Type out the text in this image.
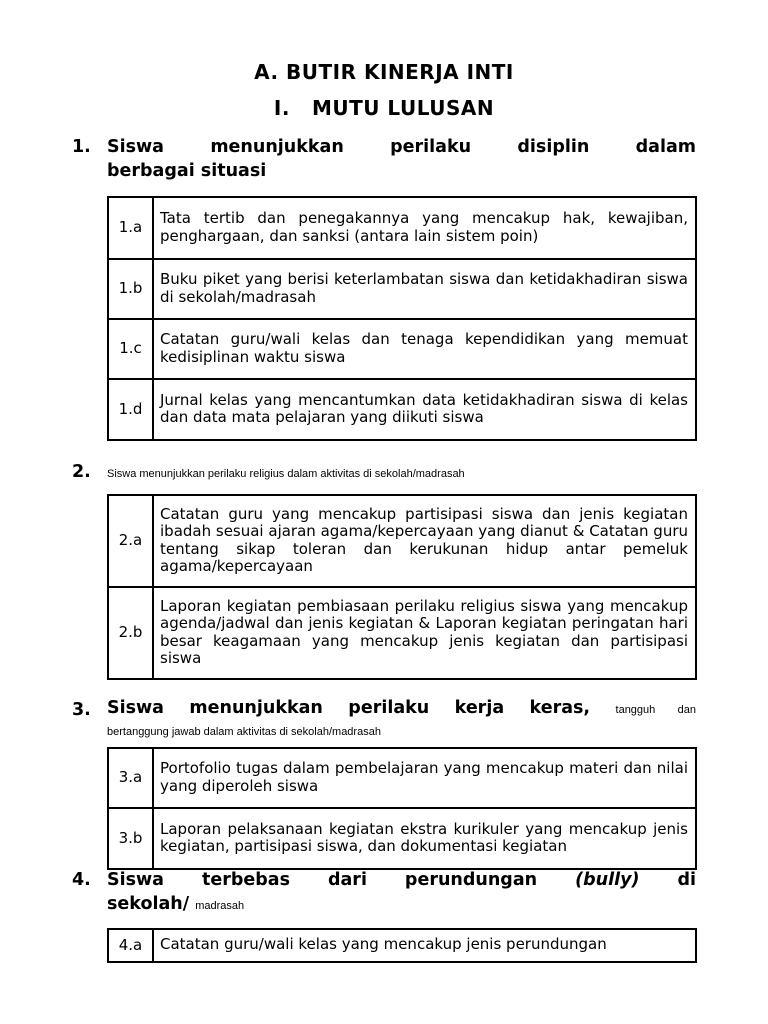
A. BUTIR KINERJA INTI
I. MUTU LULUSAN
1. Siswa menunjukkan perilaku disiplin dalam
berbagai situasi
1.a	Tata tertib dan penegakannya yang mencakup hak, kewajiban, penghargaan, dan sanksi (antara lain sistem poin)
1.b	Buku piket yang berisi keterlambatan siswa dan ketidakhadiran siswa di sekolah/madrasah
1.c	Catatan guru/wali kelas dan tenaga kependidikan yang memuat kedisiplinan waktu siswa
1.d	Jurnal kelas yang mencantumkan data ketidakhadiran siswa di kelas dan data mata pelajaran yang diikuti siswa
2. Siswa menunjukkan perilaku religius dalam aktivitas di sekolah/madrasah
2.a	Catatan guru yang mencakup partisipasi siswa dan jenis kegiatan ibadah sesuai ajaran agama/kepercayaan yang dianut & Catatan guru tentang sikap toleran dan kerukunan hidup antar pemeluk agama/kepercayaan
2.b	Laporan kegiatan pembiasaan perilaku religius siswa yang mencakup agenda/jadwal dan jenis kegiatan & Laporan kegiatan peringatan hari besar keagamaan yang mencakup jenis kegiatan dan partisipasi siswa
3. Siswa menunjukkan perilaku kerja keras, tangguh dan
bertanggung jawab dalam aktivitas di sekolah/madrasah
3.a	Portofolio tugas dalam pembelajaran yang mencakup materi dan nilai yang diperoleh siswa
3.b	Laporan pelaksanaan kegiatan ekstra kurikuler yang mencakup jenis kegiatan, partisipasi siswa, dan dokumentasi kegiatan
4. Siswa terbebas dari perundungan (bully) di
sekolah/ madrasah
4.a	Catatan guru/wali kelas yang mencakup jenis perundungan
